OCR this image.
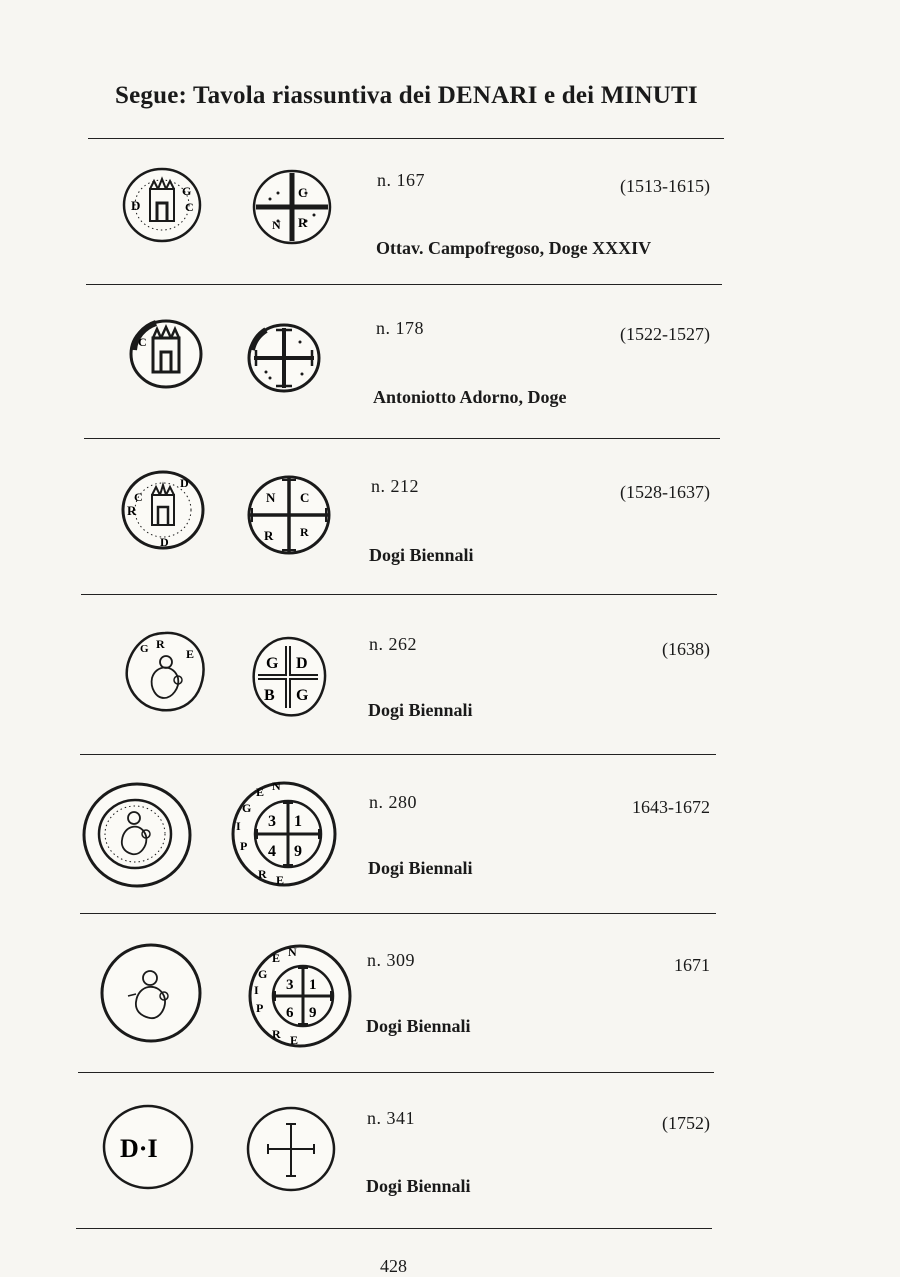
Segue: Tavola riassuntiva dei DENARI e dei MINUTI
D
G
C
C
R
N
n. 167	(1513-1615)
Ottav. Campofregoso, Doge XXXIV
C
n. 178	(1522-1527)
Antoniotto Adorno, Doge
R
C
D
D
N C
R R
n. 212	(1528-1637)
Dogi Biennali
R
E
G
G D
B G
n. 262	(1638)
Dogi Biennali
3 1
4 9
P
I
G
E N
R E
n. 280	1643-1672
Dogi Biennali
3 1
6 9
P
I
G
E N
R E
n. 309	1671
Dogi Biennali
D·I
n. 341	(1752)
Dogi Biennali
428
